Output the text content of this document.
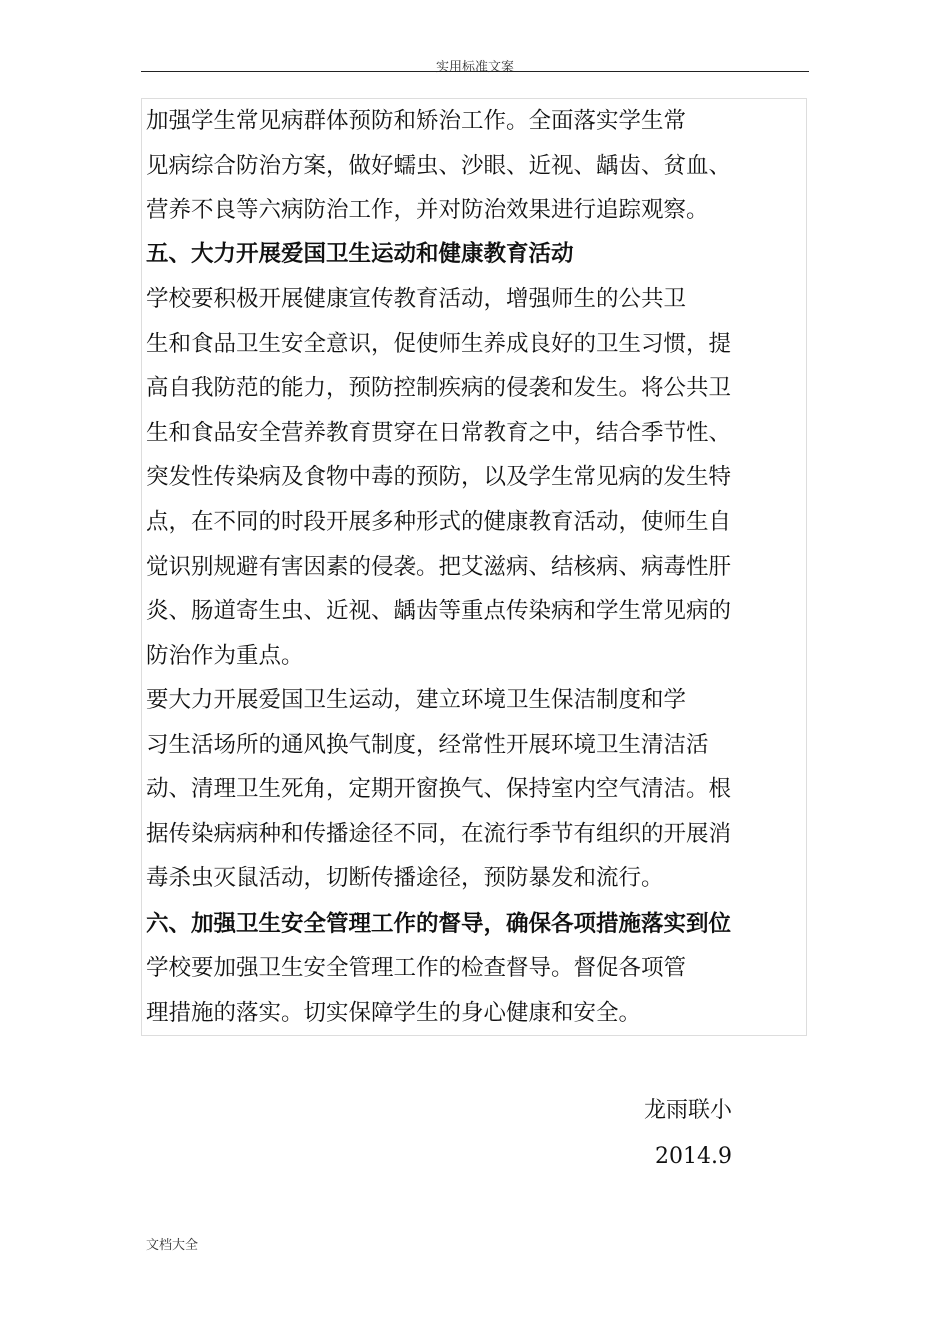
实用标准文案
加强学生常见病群体预防和矫治工作。全面落实学生常
见病综合防治方案，做好蠕虫、沙眼、近视、龋齿、贫血、
营养不良等六病防治工作，并对防治效果进行追踪观察。
五、大力开展爱国卫生运动和健康教育活动
学校要积极开展健康宣传教育活动，增强师生的公共卫
生和食品卫生安全意识，促使师生养成良好的卫生习惯，提
高自我防范的能力，预防控制疾病的侵袭和发生。将公共卫
生和食品安全营养教育贯穿在日常教育之中，结合季节性、
突发性传染病及食物中毒的预防，以及学生常见病的发生特
点，在不同的时段开展多种形式的健康教育活动，使师生自
觉识别规避有害因素的侵袭。把艾滋病、结核病、病毒性肝
炎、肠道寄生虫、近视、龋齿等重点传染病和学生常见病的
防治作为重点。
要大力开展爱国卫生运动，建立环境卫生保洁制度和学
习生活场所的通风换气制度，经常性开展环境卫生清洁活
动、清理卫生死角，定期开窗换气、保持室内空气清洁。根
据传染病病种和传播途径不同，在流行季节有组织的开展消
毒杀虫灭鼠活动，切断传播途径，预防暴发和流行。
六、加强卫生安全管理工作的督导，确保各项措施落实到位
学校要加强卫生安全管理工作的检查督导。督促各项管
理措施的落实。切实保障学生的身心健康和安全。
龙雨联小
2014.9
文档大全
